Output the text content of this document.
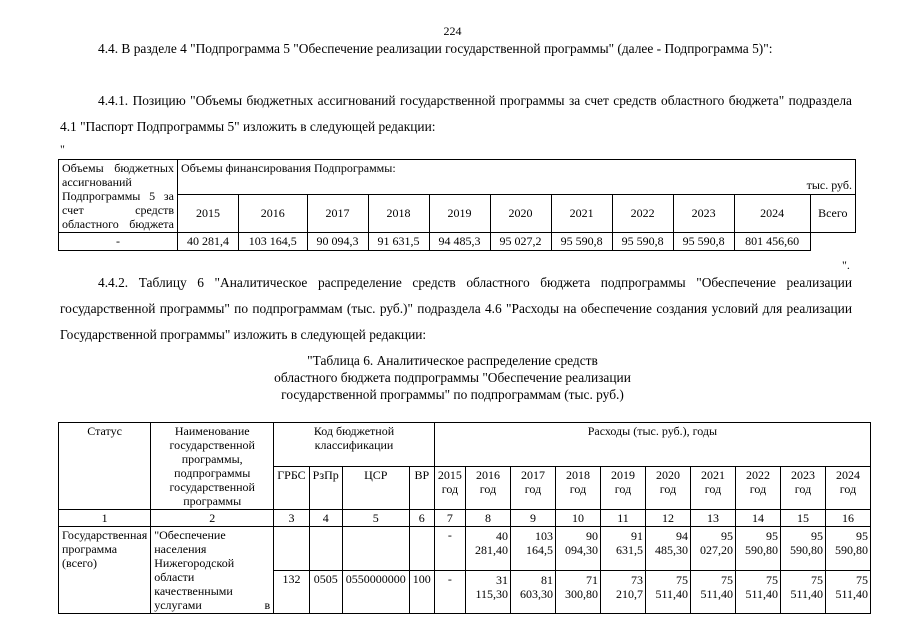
224
4.4. В разделе 4 "Подпрограмма 5 "Обеспечение реализации государственной программы" (далее - Подпрограмма 5)":
4.4.1. Позицию "Объемы бюджетных ассигнований государственной программы за счет средств областного бюджета" подраздела 4.1 "Паспорт Подпрограммы 5" изложить в следующей редакции:
"
Объемы бюджетных ассигнований Подпрограммы 5 за счет средств областного бюджета	Объемы финансирования Подпрограммы:										
	тыс. руб.										
	2015	2016	2017	2018	2019	2020	2021	2022	2023	2024	Всего
-	40 281,4	103 164,5	90 094,3	91 631,5	94 485,3	95 027,2	95 590,8	95 590,8	95 590,8	801 456,60	
".
4.4.2. Таблицу 6 "Аналитическое распределение средств областного бюджета подпрограммы "Обеспечение реализации государственной программы" по подпрограммам (тыс. руб.)" подраздела 4.6 "Расходы на обеспечение создания условий для реализации Государственной программы" изложить в следующей редакции:
"Таблица 6. Аналитическое распределение средств
областного бюджета подпрограммы "Обеспечение реализации
государственной программы" по подпрограммам (тыс. руб.)
Статус	Наименование государственной программы, подпрограммы государственной программы	Код бюджетной классификации				Расходы (тыс. руб.), годы									
		ГРБС	РзПр	ЦСР	ВР	2015 год	2016 год	2017 год	2018 год	2019 год	2020 год	2021 год	2022 год	2023 год	2024 год
1	2	3	4	5	6	7	8	9	10	11	12	13	14	15	16
Государственная программа (всего)	"Обеспечение населения Нижегородской области качественными услугами в					-	40 281,40	103 164,5	90 094,30	91 631,5	94 485,30	95 027,20	95 590,80	95 590,80	95 590,80
		132	0505	0550000000	100	-	31 115,30	81 603,30	71 300,80	73 210,7	75 511,40	75 511,40	75 511,40	75 511,40	75 511,40
